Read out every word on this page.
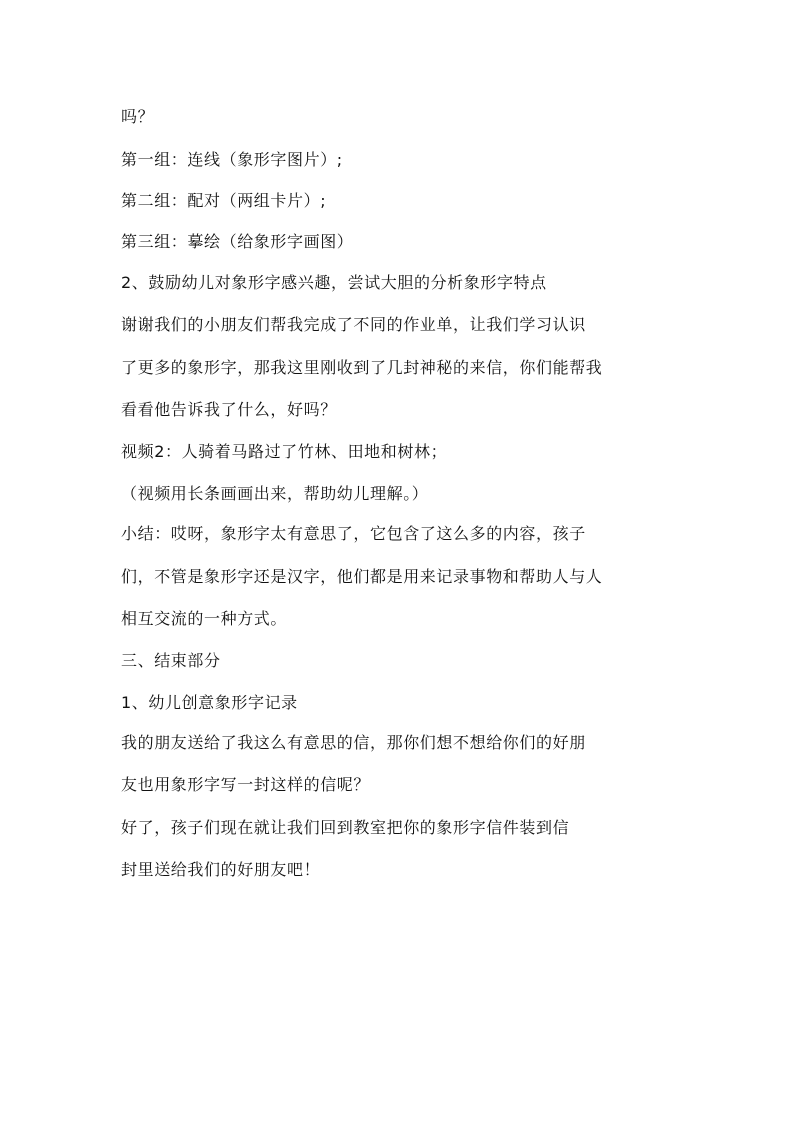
吗？
第一组：连线（象形字图片）;
第二组：配对（两组卡片）;
第三组：摹绘（给象形字画图）
2、鼓励幼儿对象形字感兴趣，尝试大胆的分析象形字特点
谢谢我们的小朋友们帮我完成了不同的作业单，让我们学习认识
了更多的象形字，那我这里刚收到了几封神秘的来信，你们能帮我
看看他告诉我了什么，好吗？
视频2：人骑着马路过了竹林、田地和树林；
（视频用长条画画出来，帮助幼儿理解。）
小结：哎呀，象形字太有意思了，它包含了这么多的内容，孩子
们，不管是象形字还是汉字，他们都是用来记录事物和帮助人与人
相互交流的一种方式。
三、结束部分
1、幼儿创意象形字记录
我的朋友送给了我这么有意思的信，那你们想不想给你们的好朋
友也用象形字写一封这样的信呢？
好了，孩子们现在就让我们回到教室把你的象形字信件装到信
封里送给我们的好朋友吧！
